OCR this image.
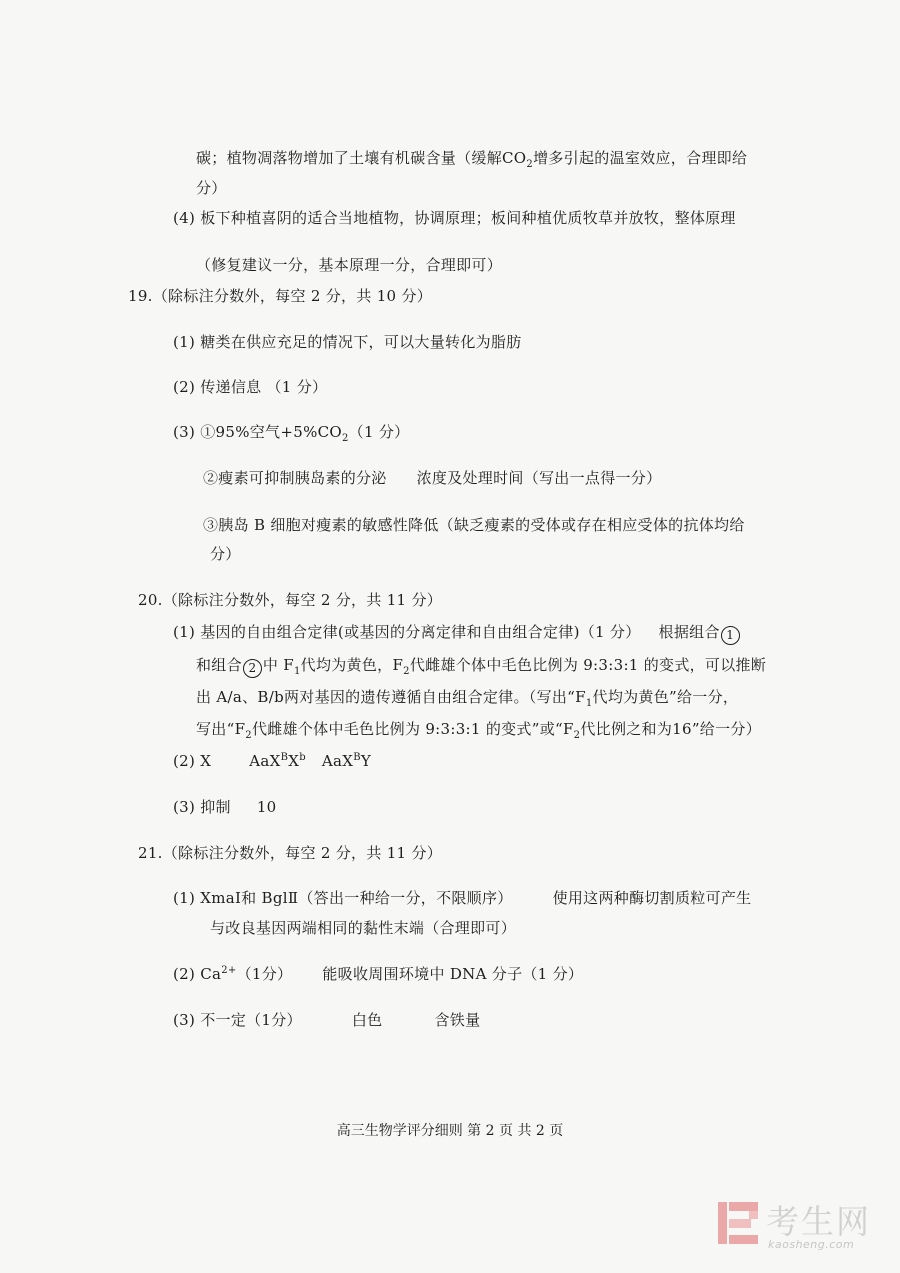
碳；植物凋落物增加了土壤有机碳含量（缓解$CO_2$增多引起的温室效应，合理即给
分）
(4) 板下种植喜阴的适合当地植物，协调原理；板间种植优质牧草并放牧，整体原理
（修复建议一分，基本原理一分，合理即可）
19.（除标注分数外，每空 2 分，共 10 分）
(1) 糖类在供应充足的情况下，可以大量转化为脂肪
(2) 传递信息 （1 分）
(3) ①95%空气$+5\%CO_2(1$ 分）
②瘦素可抑制胰岛素的分泌 浓度及处理时间（写出一点得一分）
③胰岛 B 细胞对瘦素的敏感性降低（缺乏瘦素的受体或存在相应受体的抗体均给
分）
20.（除标注分数外，每空 2 分，共 11 分）
(1) 基因的自由组合定律(或基因的分离定律和自由组合定律)（1 分） 根据组合 1
和组合 2 中 $F_1$代均为黄色，$F_2$代雌雄个体中毛色比例为 9:3:3:1 的变式，可以推断
出 A/a、B/b两对基因的遗传遵循自由组合定律。（写出“$F_1$代均为黄色”给一分，
写出“$F_2$代雌雄个体中毛色比例为 9:3:3:1 的变式”或“$F_2$代比例之和为16”给一分）
(2) X	$AaX^BX^b$ AaX$^B$Y
(3) 抑制 10
21.（除标注分数外，每空 2 分，共 11 分）
(1) XmaⅠ和 BglⅡ（答出一种给一分，不限顺序）	使用这两种酶切割质粒可产生
与改良基因两端相同的黏性末端（合理即可）
(2) $Ca^{2+}(1$分） 能吸收周围环境中 DNA 分子（1 分）
(3) 不一定（1分）	白色	含铁量
高三生物学评分细则 第 2 页 共 2 页
考生网
kaosheng.com
